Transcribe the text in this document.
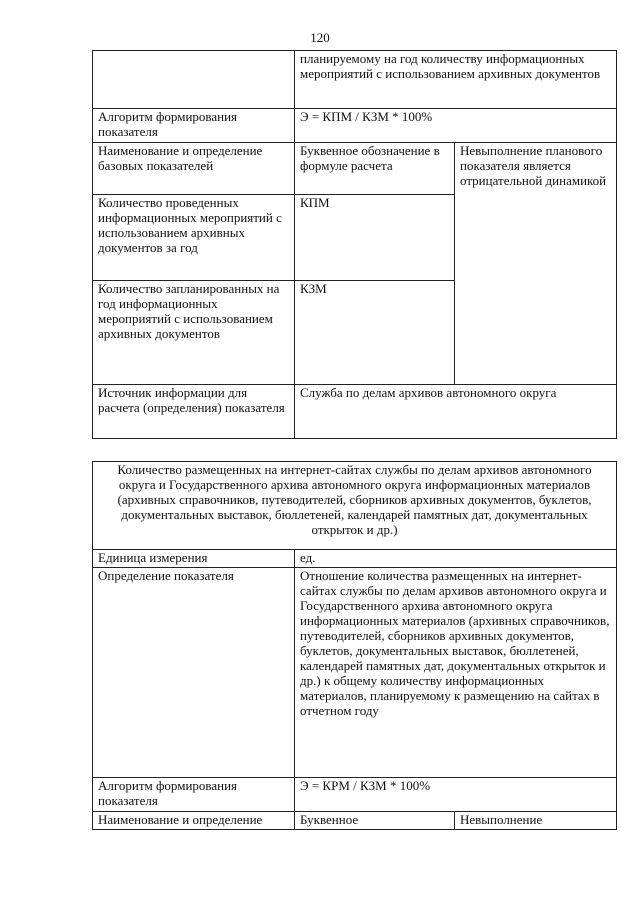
120
	планируемому на год количеству информационных мероприятий с использованием архивных документов	
Алгоритм формирования показателя	Э = КПМ / КЗМ * 100%	
Наименование и определение базовых показателей	Буквенное обозначение в формуле расчета	Невыполнение планового показателя является отрицательной динамикой
Количество проведенных информационных мероприятий с использованием архивных документов за год	КПМ	
Количество запланированных на год информационных мероприятий с использованием архивных документов	КЗМ	
Источник информации для расчета (определения) показателя	Служба по делам архивов автономного округа	
Количество размещенных на интернет-сайтах службы по делам архивов автономного округа и Государственного архива автономного округа информационных материалов (архивных справочников, путеводителей, сборников архивных документов, буклетов, документальных выставок, бюллетеней, календарей памятных дат, документальных открыток и др.)		
Единица измерения	ед.	
Определение показателя	Отношение количества размещенных на интернет-сайтах службы по делам архивов автономного округа и Государственного архива автономного округа информационных материалов (архивных справочников, путеводителей, сборников архивных документов, буклетов, документальных выставок, бюллетеней, календарей памятных дат, документальных открыток и др.) к общему количеству информационных материалов, планируемому к размещению на сайтах в отчетном году	
Алгоритм формирования показателя	Э = КРМ / КЗМ * 100%	
Наименование и определение	Буквенное	Невыполнение
